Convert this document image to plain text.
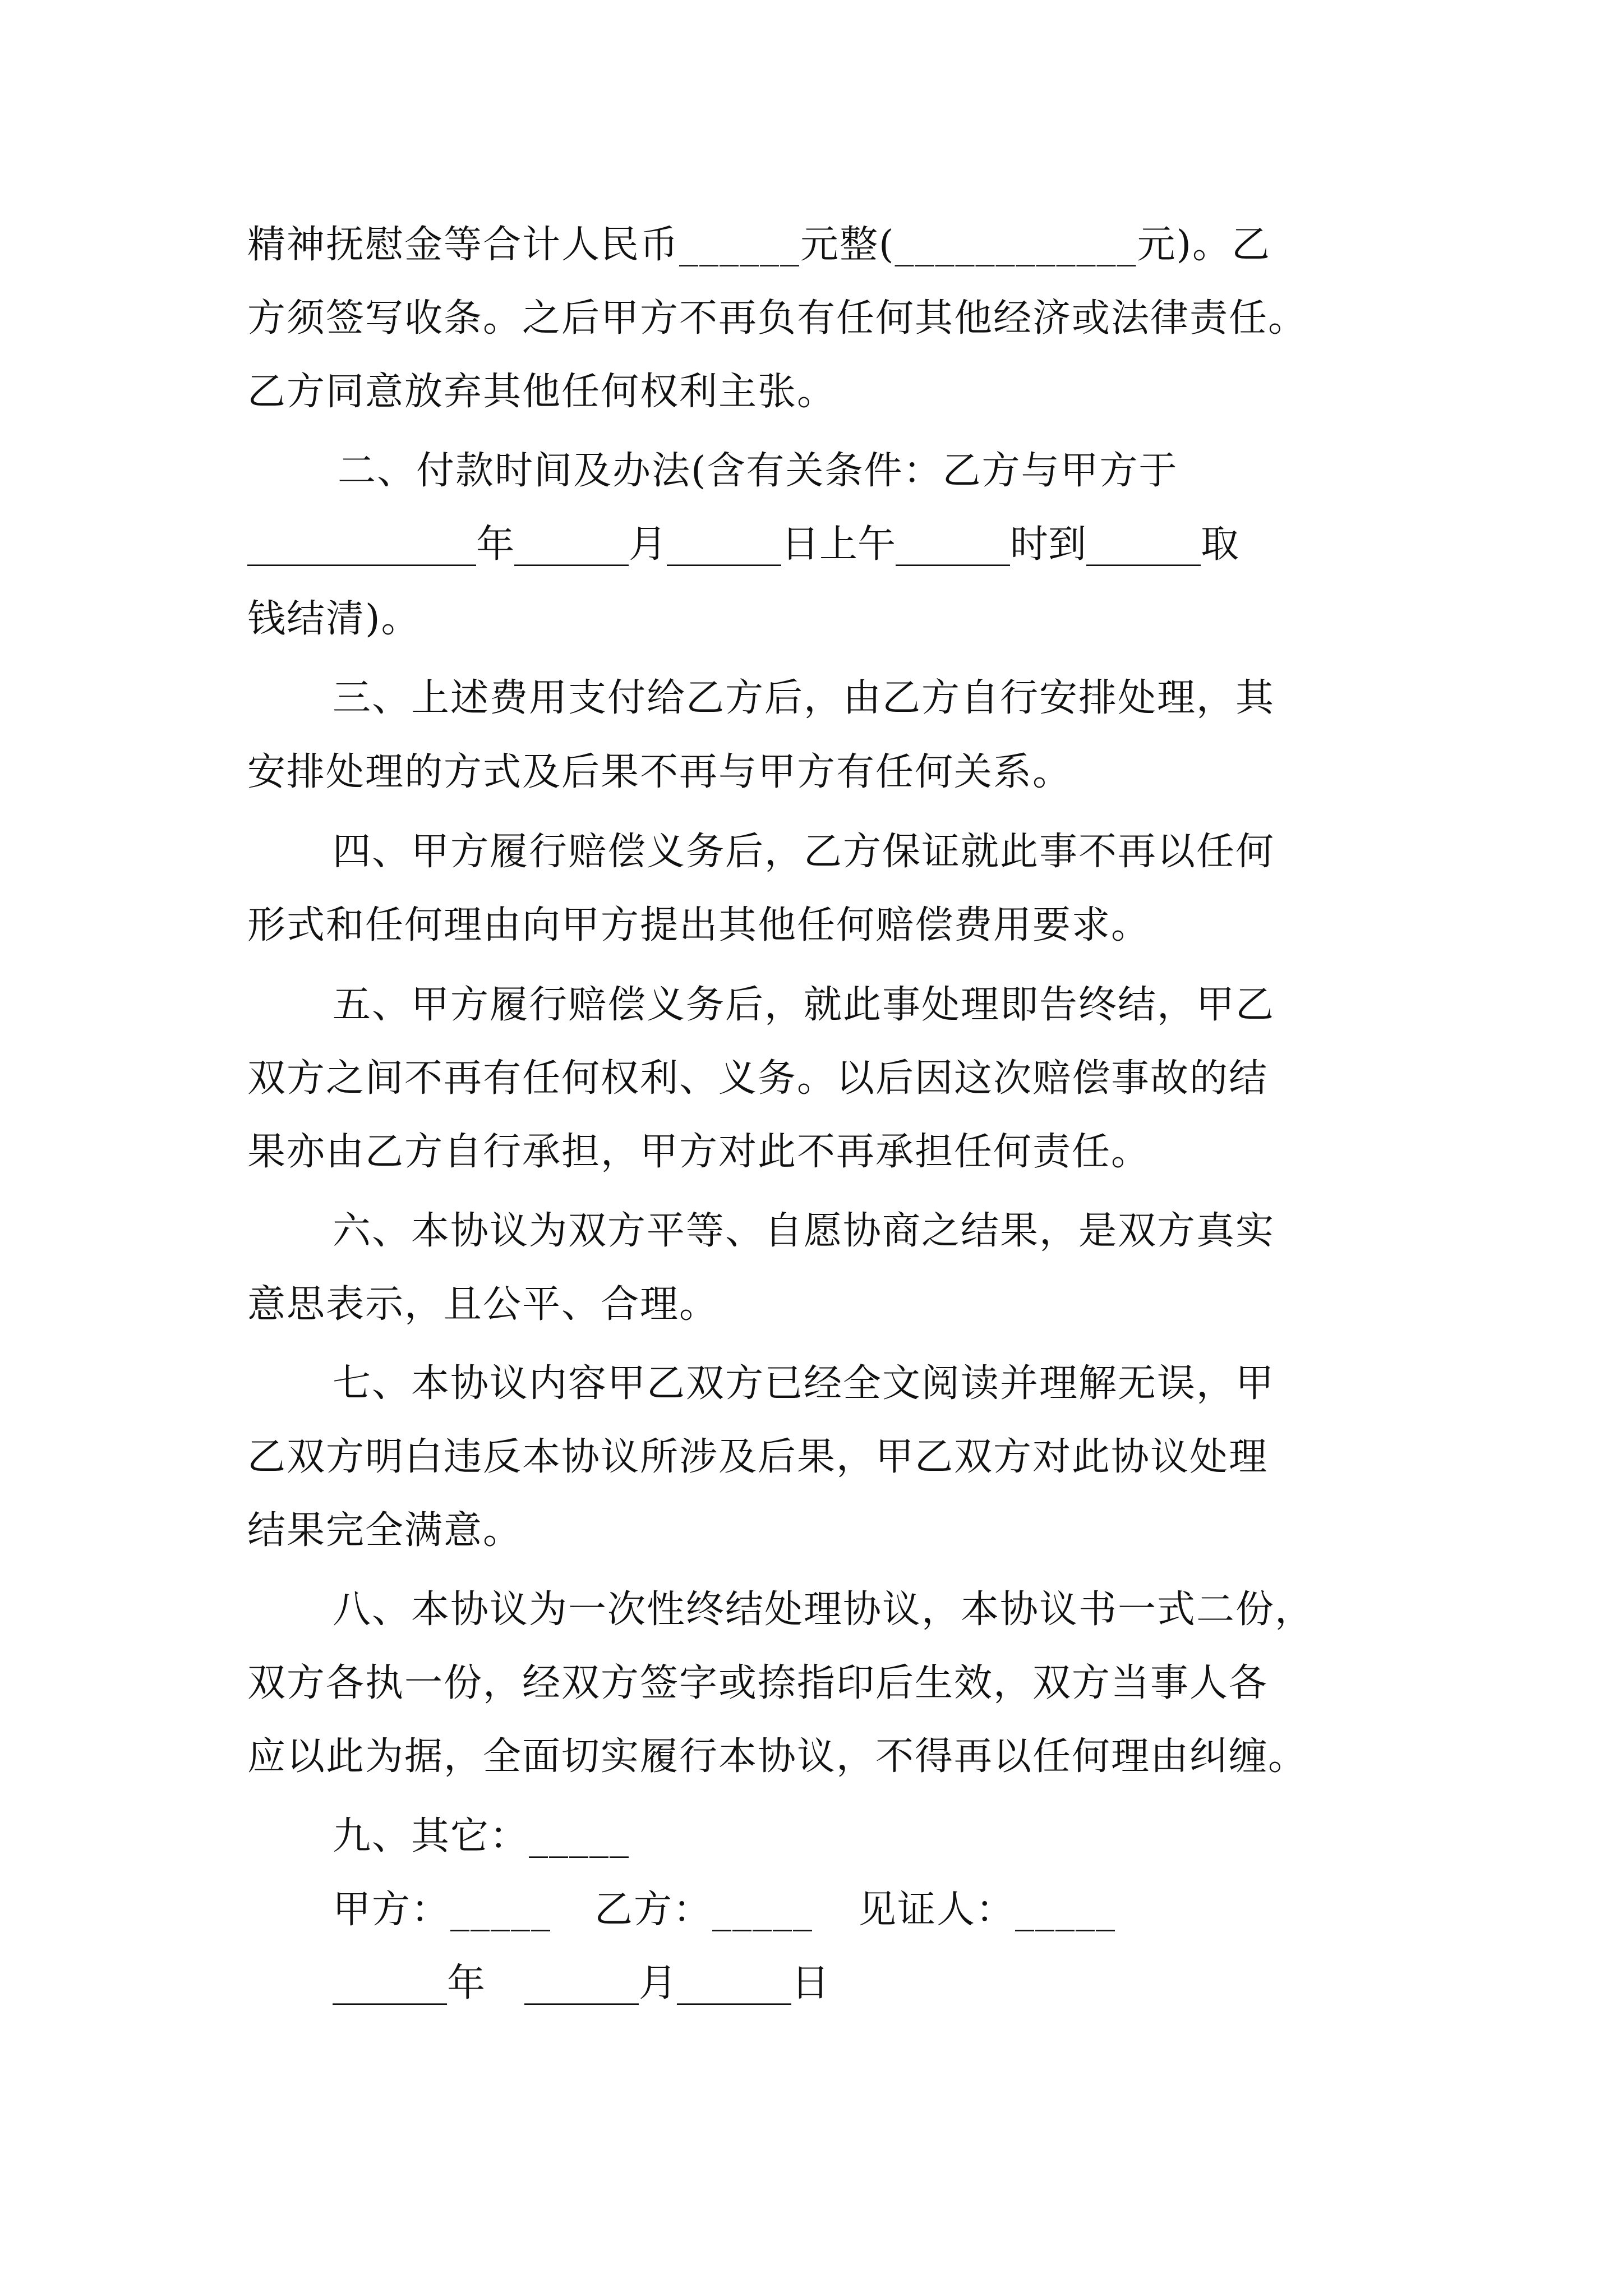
精神抚慰金等合计人民币______元整(____________元)。乙
方须签写收条。之后甲方不再负有任何其他经济或法律责任。
乙方同意放弃其他任何权利主张。
二、付款时间及办法(含有关条件：乙方与甲方于
____________年______月______日上午______时到______取
钱结清)。
三、上述费用支付给乙方后，由乙方自行安排处理，其
安排处理的方式及后果不再与甲方有任何关系。
四、甲方履行赔偿义务后，乙方保证就此事不再以任何
形式和任何理由向甲方提出其他任何赔偿费用要求。
五、甲方履行赔偿义务后，就此事处理即告终结，甲乙
双方之间不再有任何权利、义务。以后因这次赔偿事故的结
果亦由乙方自行承担，甲方对此不再承担任何责任。
六、本协议为双方平等、自愿协商之结果，是双方真实
意思表示，且公平、合理。
七、本协议内容甲乙双方已经全文阅读并理解无误，甲
乙双方明白违反本协议所涉及后果，甲乙双方对此协议处理
结果完全满意。
八、本协议为一次性终结处理协议，本协议书一式二份，
双方各执一份，经双方签字或捺指印后生效，双方当事人各
应以此为据，全面切实履行本协议，不得再以任何理由纠缠。
九、其它：_____
甲方：_____	乙方：_____	见证人：_____
______年	______月______日
